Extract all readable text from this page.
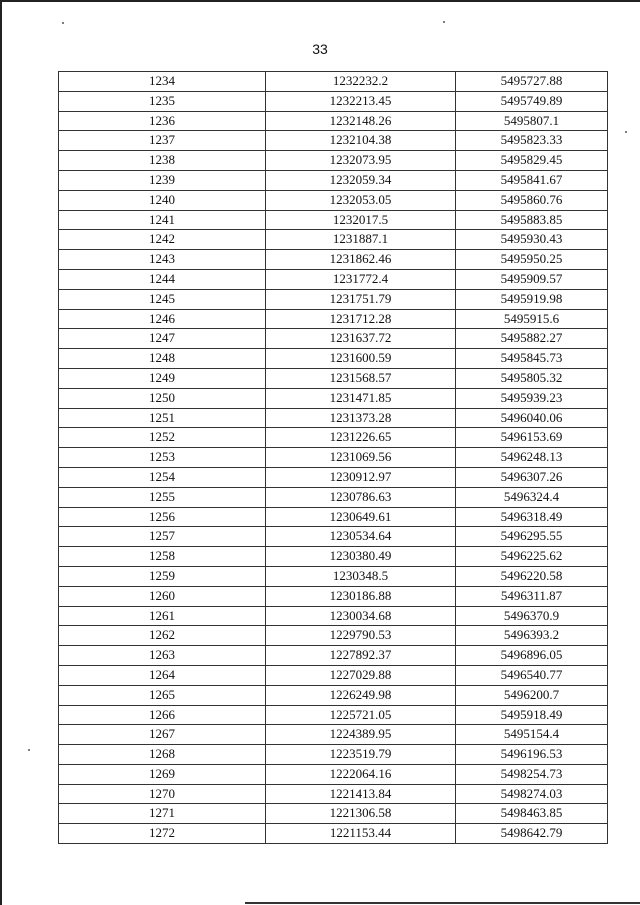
33
1234	1232232.2	5495727.88
1235	1232213.45	5495749.89
1236	1232148.26	5495807.1
1237	1232104.38	5495823.33
1238	1232073.95	5495829.45
1239	1232059.34	5495841.67
1240	1232053.05	5495860.76
1241	1232017.5	5495883.85
1242	1231887.1	5495930.43
1243	1231862.46	5495950.25
1244	1231772.4	5495909.57
1245	1231751.79	5495919.98
1246	1231712.28	5495915.6
1247	1231637.72	5495882.27
1248	1231600.59	5495845.73
1249	1231568.57	5495805.32
1250	1231471.85	5495939.23
1251	1231373.28	5496040.06
1252	1231226.65	5496153.69
1253	1231069.56	5496248.13
1254	1230912.97	5496307.26
1255	1230786.63	5496324.4
1256	1230649.61	5496318.49
1257	1230534.64	5496295.55
1258	1230380.49	5496225.62
1259	1230348.5	5496220.58
1260	1230186.88	5496311.87
1261	1230034.68	5496370.9
1262	1229790.53	5496393.2
1263	1227892.37	5496896.05
1264	1227029.88	5496540.77
1265	1226249.98	5496200.7
1266	1225721.05	5495918.49
1267	1224389.95	5495154.4
1268	1223519.79	5496196.53
1269	1222064.16	5498254.73
1270	1221413.84	5498274.03
1271	1221306.58	5498463.85
1272	1221153.44	5498642.79
